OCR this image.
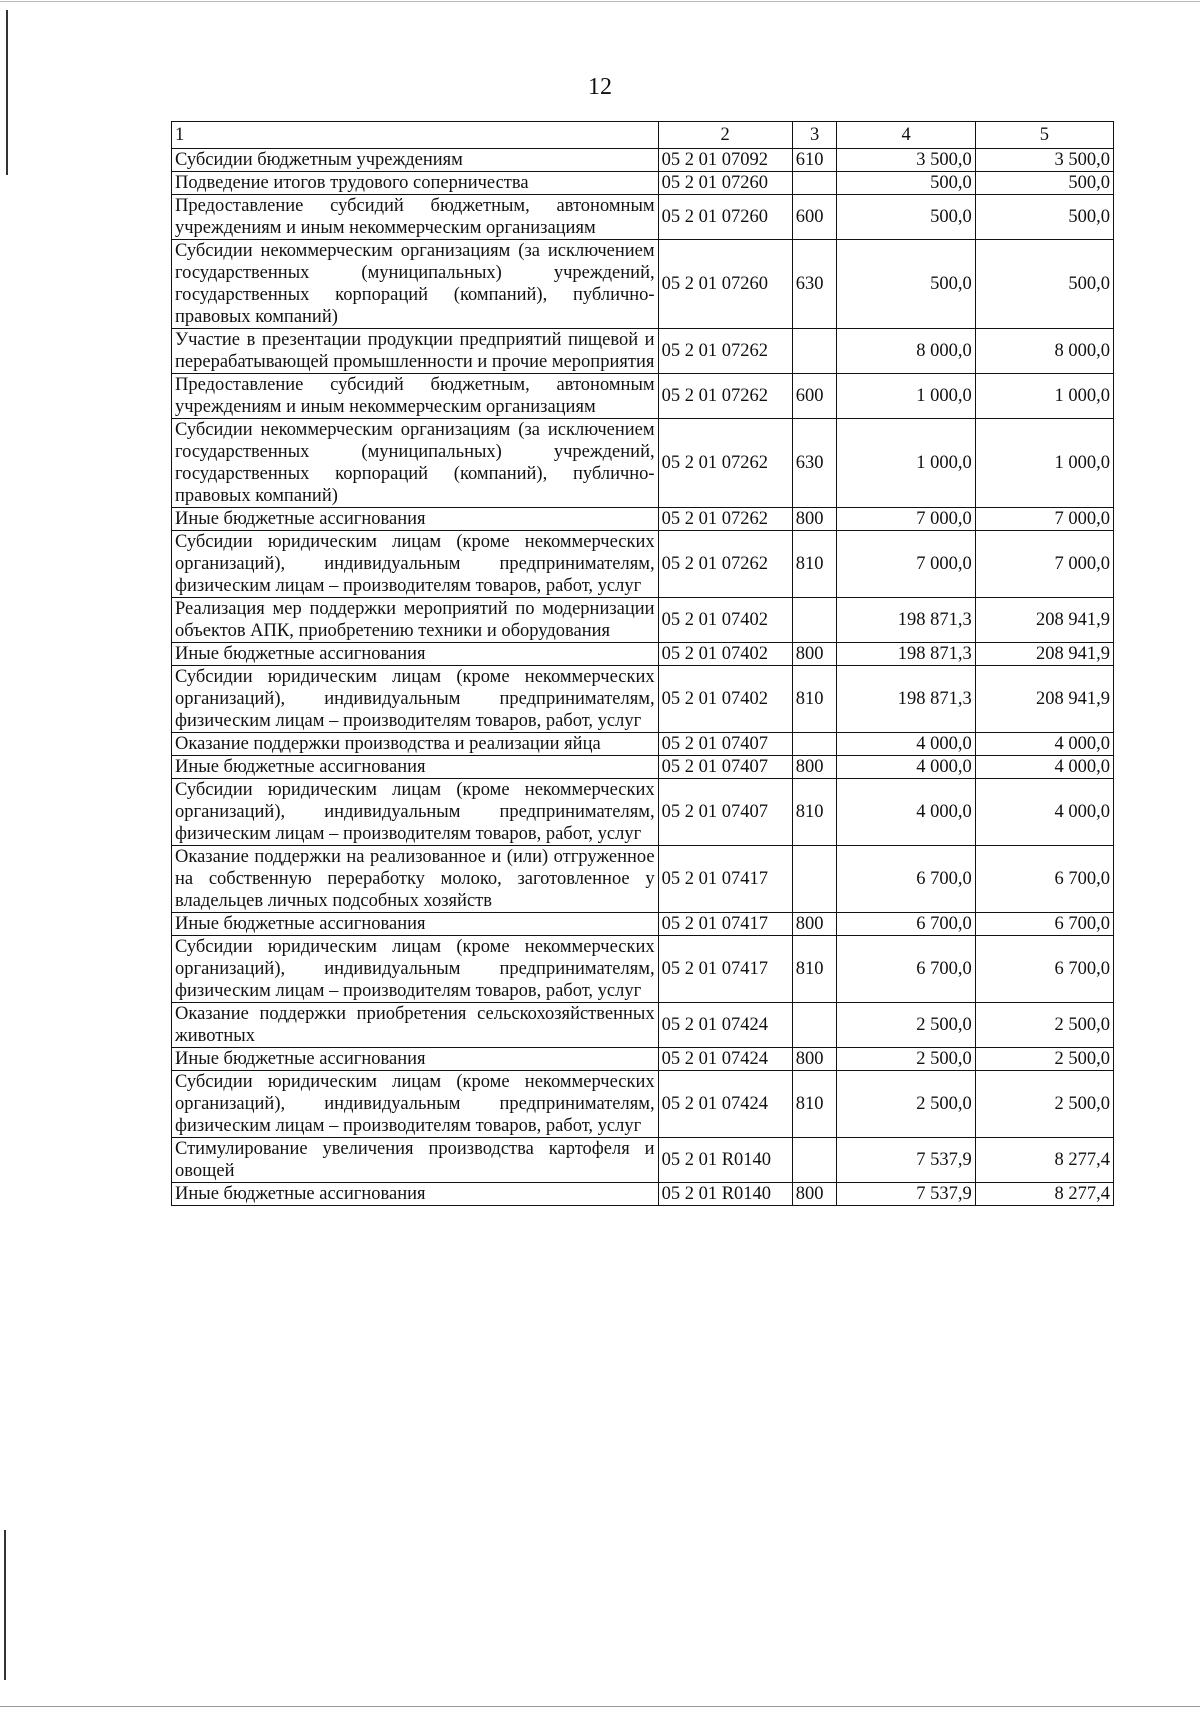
12
1	2	3	4	5
Субсидии бюджетным учреждениям	05 2 01 07092	610	3 500,0	3 500,0
Подведение итогов трудового соперничества	05 2 01 07260		500,0	500,0
Предоставление субсидий бюджетным, автономным учреждениям и иным некоммерческим организациям	05 2 01 07260	600	500,0	500,0
Субсидии некоммерческим организациям (за исключением государственных (муниципальных) учреждений, государственных корпораций (компаний), публично-правовых компаний)	05 2 01 07260	630	500,0	500,0
Участие в презентации продукции предприятий пищевой и перерабатывающей промышленности и прочие мероприятия	05 2 01 07262		8 000,0	8 000,0
Предоставление субсидий бюджетным, автономным учреждениям и иным некоммерческим организациям	05 2 01 07262	600	1 000,0	1 000,0
Субсидии некоммерческим организациям (за исключением государственных (муниципальных) учреждений, государственных корпораций (компаний), публично-правовых компаний)	05 2 01 07262	630	1 000,0	1 000,0
Иные бюджетные ассигнования	05 2 01 07262	800	7 000,0	7 000,0
Субсидии юридическим лицам (кроме некоммерческих организаций), индивидуальным предпринимателям, физическим лицам – производителям товаров, работ, услуг	05 2 01 07262	810	7 000,0	7 000,0
Реализация мер поддержки мероприятий по модернизации объектов АПК, приобретению техники и оборудования	05 2 01 07402		198 871,3	208 941,9
Иные бюджетные ассигнования	05 2 01 07402	800	198 871,3	208 941,9
Субсидии юридическим лицам (кроме некоммерческих организаций), индивидуальным предпринимателям, физическим лицам – производителям товаров, работ, услуг	05 2 01 07402	810	198 871,3	208 941,9
Оказание поддержки производства и реализации яйца	05 2 01 07407		4 000,0	4 000,0
Иные бюджетные ассигнования	05 2 01 07407	800	4 000,0	4 000,0
Субсидии юридическим лицам (кроме некоммерческих организаций), индивидуальным предпринимателям, физическим лицам – производителям товаров, работ, услуг	05 2 01 07407	810	4 000,0	4 000,0
Оказание поддержки на реализованное и (или) отгруженное на собственную переработку молоко, заготовленное у владельцев личных подсобных хозяйств	05 2 01 07417		6 700,0	6 700,0
Иные бюджетные ассигнования	05 2 01 07417	800	6 700,0	6 700,0
Субсидии юридическим лицам (кроме некоммерческих организаций), индивидуальным предпринимателям, физическим лицам – производителям товаров, работ, услуг	05 2 01 07417	810	6 700,0	6 700,0
Оказание поддержки приобретения сельскохозяйственных животных	05 2 01 07424		2 500,0	2 500,0
Иные бюджетные ассигнования	05 2 01 07424	800	2 500,0	2 500,0
Субсидии юридическим лицам (кроме некоммерческих организаций), индивидуальным предпринимателям, физическим лицам – производителям товаров, работ, услуг	05 2 01 07424	810	2 500,0	2 500,0
Стимулирование увеличения производства картофеля и овощей	05 2 01 R0140		7 537,9	8 277,4
Иные бюджетные ассигнования	05 2 01 R0140	800	7 537,9	8 277,4
